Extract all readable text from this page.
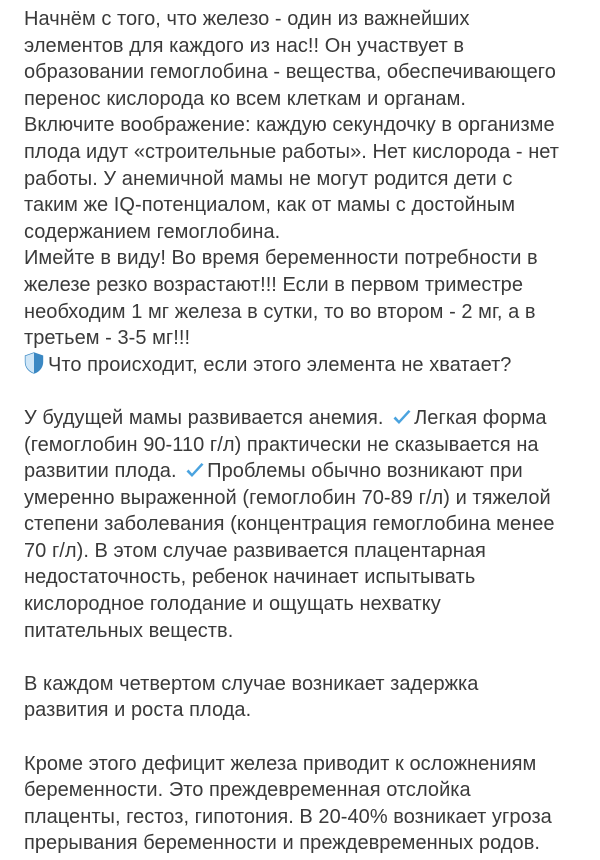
Начнём с того, что железо - один из важнейших
элементов для каждого из нас!! Он участвует в
образовании гемоглобина - вещества, обеспечивающего
перенос кислорода ко всем клеткам и органам.
Включите воображение: каждую секундочку в организме
плода идут «строительные работы». Нет кислорода - нет
работы. У анемичной мамы не могут родится дети с
таким же IQ-потенциалом, как от мамы с достойным
содержанием гемоглобина.
Имейте в виду! Во время беременности потребности в
железе резко возрастают!!! Если в первом триместре
необходим 1 мг железа в сутки, то во втором - 2 мг, а в
третьем - 3-5 мг!!!
Что происходит, если этого элемента не хватает?
У будущей мамы развивается анемия. Легкая форма
(гемоглобин 90-110 г/л) практически не сказывается на
развитии плода. Проблемы обычно возникают при
умеренно выраженной (гемоглобин 70-89 г/л) и тяжелой
степени заболевания (концентрация гемоглобина менее
70 г/л). В этом случае развивается плацентарная
недостаточность, ребенок начинает испытывать
кислородное голодание и ощущать нехватку
питательных веществ.
В каждом четвертом случае возникает задержка
развития и роста плода.
Кроме этого дефицит железа приводит к осложнениям
беременности. Это преждевременная отслойка
плаценты, гестоз, гипотония. В 20-40% возникает угроза
прерывания беременности и преждевременных родов.
